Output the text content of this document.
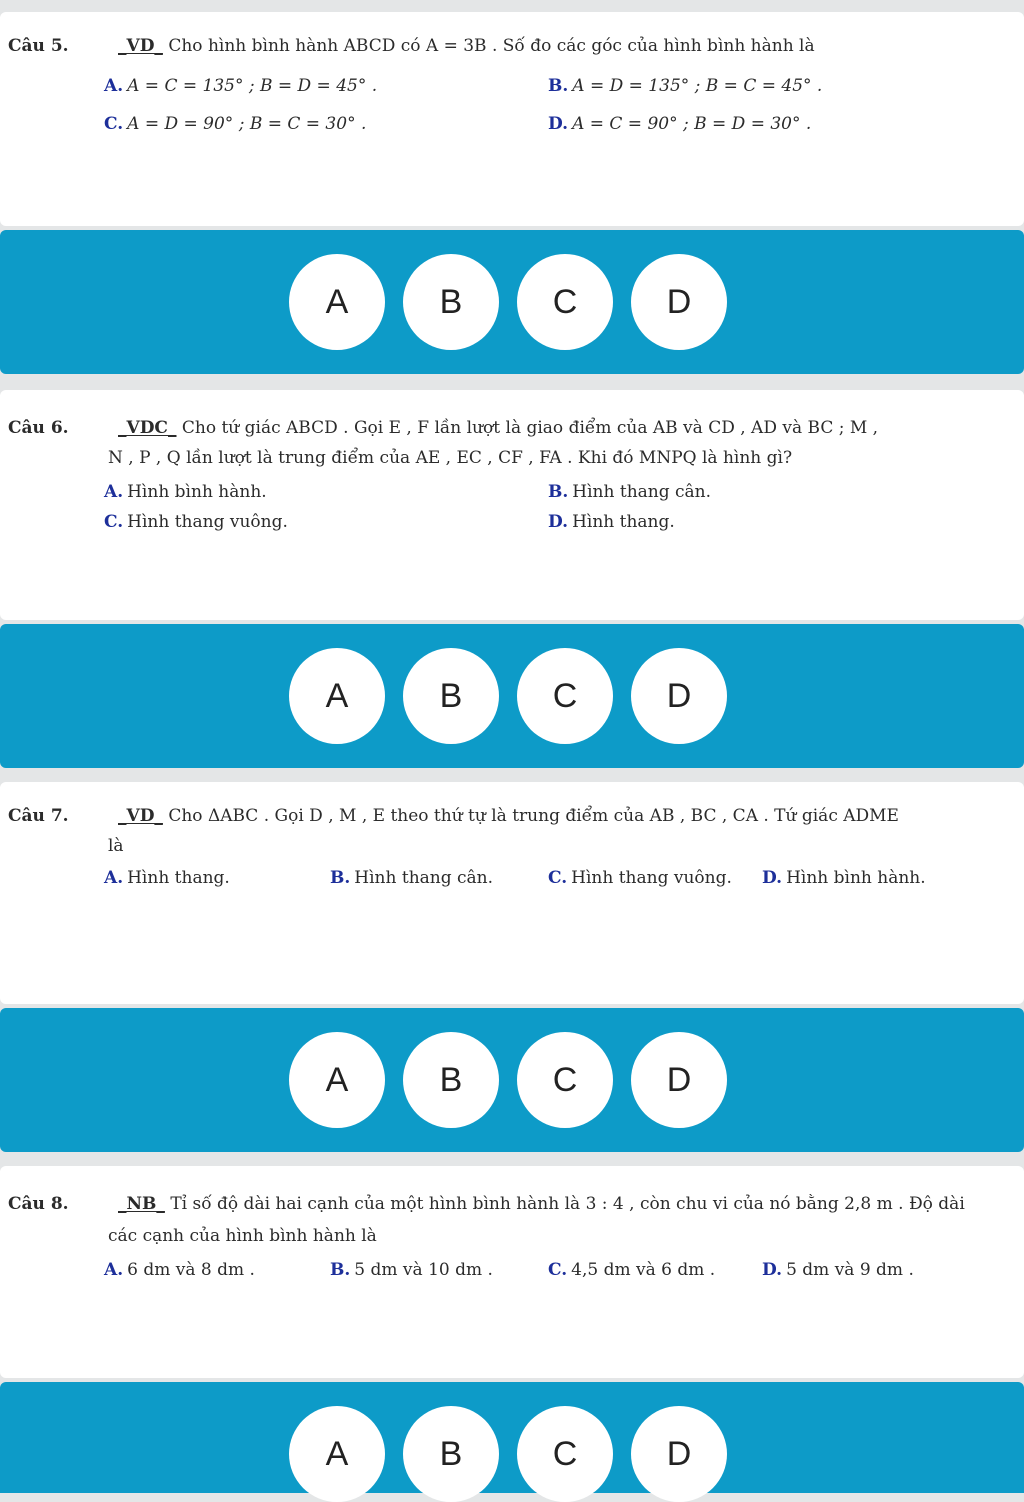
Câu 5.	_VD_ Cho hình bình hành ABCD có A = 3B . Số đo các góc của hình bình hành là
A. A = C = 135° ; B = D = 45° .	B. A = D = 135° ; B = C = 45° .
C. A = D = 90° ; B = C = 30° .	D. A = C = 90° ; B = D = 30° .
A	B	C	D
Câu 6.	_VDC_ Cho tứ giác ABCD . Gọi E , F lần lượt là giao điểm của AB và CD , AD và BC ; M ,
N , P , Q lần lượt là trung điểm của AE , EC , CF , FA . Khi đó MNPQ là hình gì?
A. Hình bình hành.	B. Hình thang cân.
C. Hình thang vuông.	D. Hình thang.
A	B	C	D
Câu 7.	_VD_ Cho ΔABC . Gọi D , M , E theo thứ tự là trung điểm của AB , BC , CA . Tứ giác ADME
là
A. Hình thang.	B. Hình thang cân.	C. Hình thang vuông. D. Hình bình hành.
A	B	C	D
Câu 8.	_NB_ Tỉ số độ dài hai cạnh của một hình bình hành là 3 : 4 , còn chu vi của nó bằng 2,8 m . Độ dài
các cạnh của hình bình hành là
A. 6 dm và 8 dm .	B. 5 dm và 10 dm .	C. 4,5 dm và 6 dm .	D. 5 dm và 9 dm .
A	B	C	D
